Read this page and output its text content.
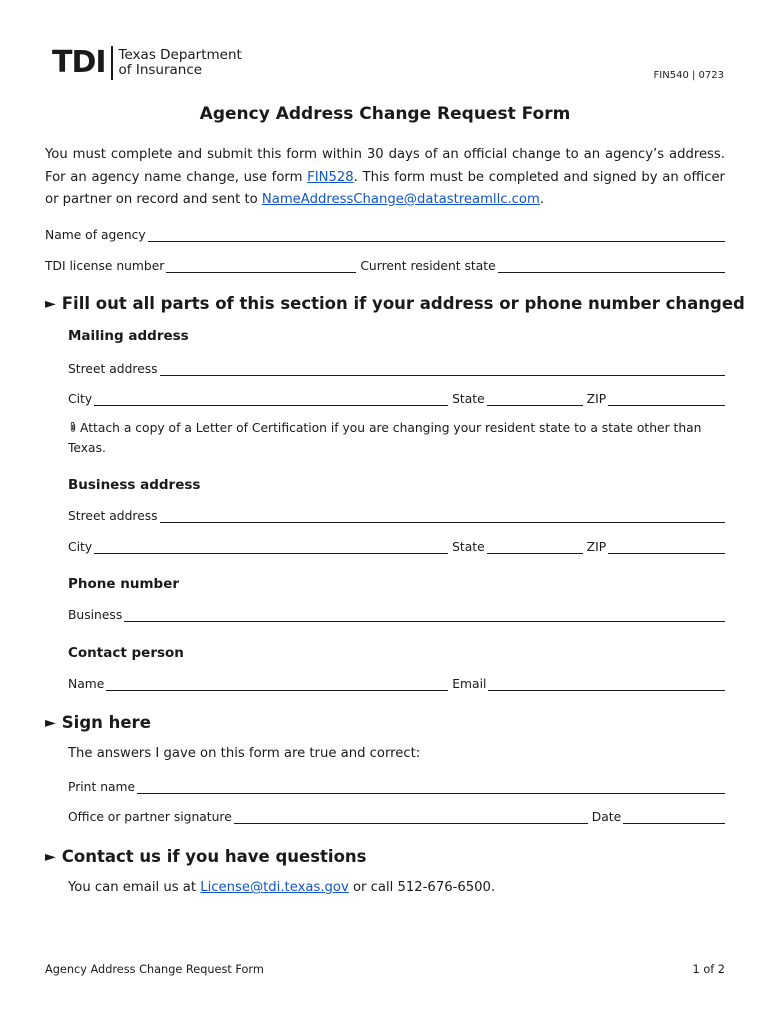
TDI Texas Department
of Insurance	FIN540 | 0723
Agency Address Change Request Form

You must complete and submit this form within 30 days of an official change to an agency’s address. For an agency name change, use form FIN528. This form must be completed and signed by an officer or partner on record and sent to NameAddressChange@datastreamllc.com.

Name of agency
TDI license number	Current resident state
► Fill out all parts of this section if your address or phone number changed
Mailing address
Street address
City	State	ZIP

Attach a copy of a Letter of Certification if you are changing your resident state to a state other than Texas.

Business address
Street address
City	State	ZIP
Phone number
Business
Contact person
Name	Email
► Sign here

The answers I gave on this form are true and correct:

Print name
Office or partner signature	Date
► Contact us if you have questions

You can email us at License@tdi.texas.gov or call 512-676-6500.

Agency Address Change Request Form	1 of 2
